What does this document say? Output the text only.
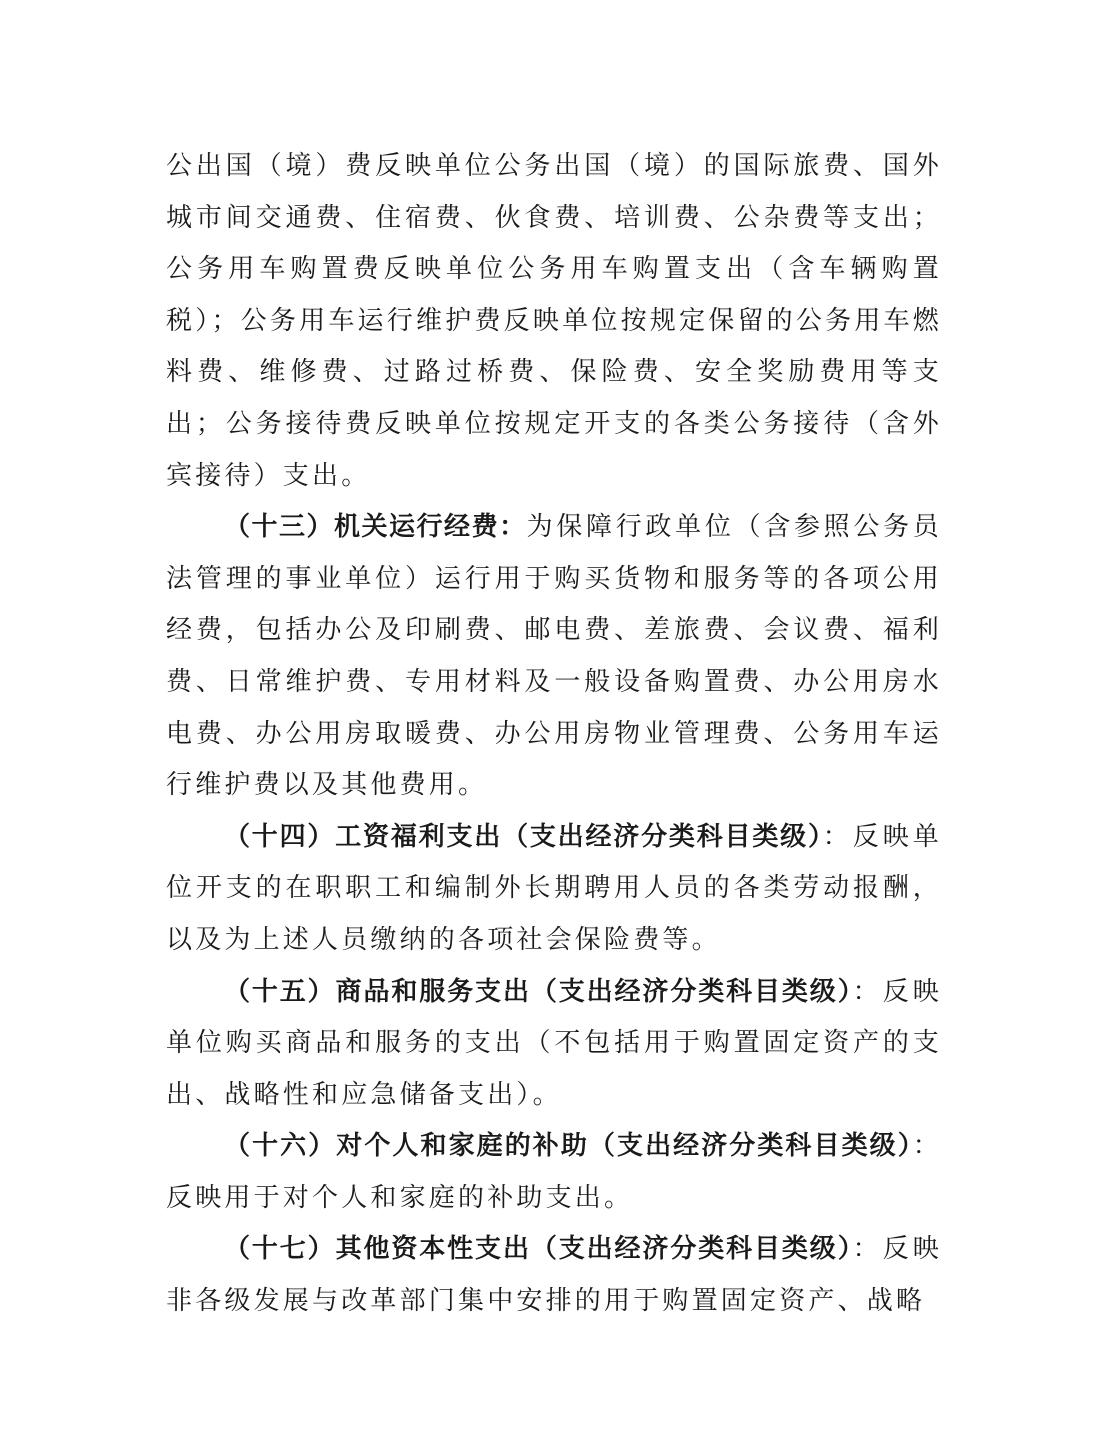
公出国（境）费反映单位公务出国（境）的国际旅费、国外城市间交通费、住宿费、伙食费、培训费、公杂费等支出；公务用车购置费反映单位公务用车购置支出（含车辆购置税）；公务用车运行维护费反映单位按规定保留的公务用车燃料费、维修费、过路过桥费、保险费、安全奖励费用等支出；公务接待费反映单位按规定开支的各类公务接待（含外宾接待）支出。

（十三）机关运行经费：为保障行政单位（含参照公务员法管理的事业单位）运行用于购买货物和服务等的各项公用经费，包括办公及印刷费、邮电费、差旅费、会议费、福利费、日常维护费、专用材料及一般设备购置费、办公用房水电费、办公用房取暖费、办公用房物业管理费、公务用车运行维护费以及其他费用。

（十四）工资福利支出（支出经济分类科目类级）：反映单位开支的在职职工和编制外长期聘用人员的各类劳动报酬，以及为上述人员缴纳的各项社会保险费等。

（十五）商品和服务支出（支出经济分类科目类级）：反映单位购买商品和服务的支出（不包括用于购置固定资产的支出、战略性和应急储备支出）。

（十六）对个人和家庭的补助（支出经济分类科目类级）：反映用于对个人和家庭的补助支出。

（十七）其他资本性支出（支出经济分类科目类级）：反映非各级发展与改革部门集中安排的用于购置固定资产、战略
